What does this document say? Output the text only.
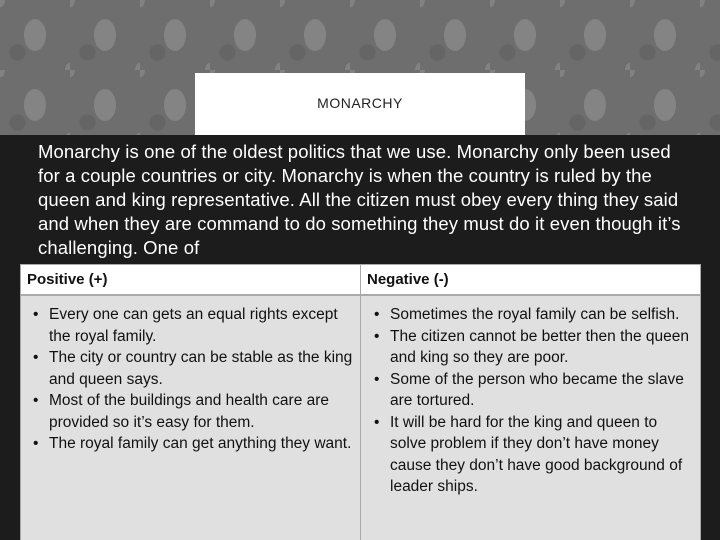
MONARCHY
Monarchy is one of the oldest politics that we use. Monarchy only been used for a couple countries or city. Monarchy is when the country is ruled by the queen and king representative. All the citizen must obey every thing they said and when they are command to do something they must do it even though it’s challenging. One of
Positive (+)	Negative (-)
• Every one can gets an equal rights except the royal family.
• The city or country can be stable as the king and queen says.
• Most of the buildings and health care are provided so it’s easy for them.
• The royal family can get anything they want.
• Sometimes the royal family can be selfish.
• The citizen cannot be better then the queen and king so they are poor.
• Some of the person who became the slave are tortured.
• It will be hard for the king and queen to solve problem if they don’t have money cause they don’t have good background of leader ships.
